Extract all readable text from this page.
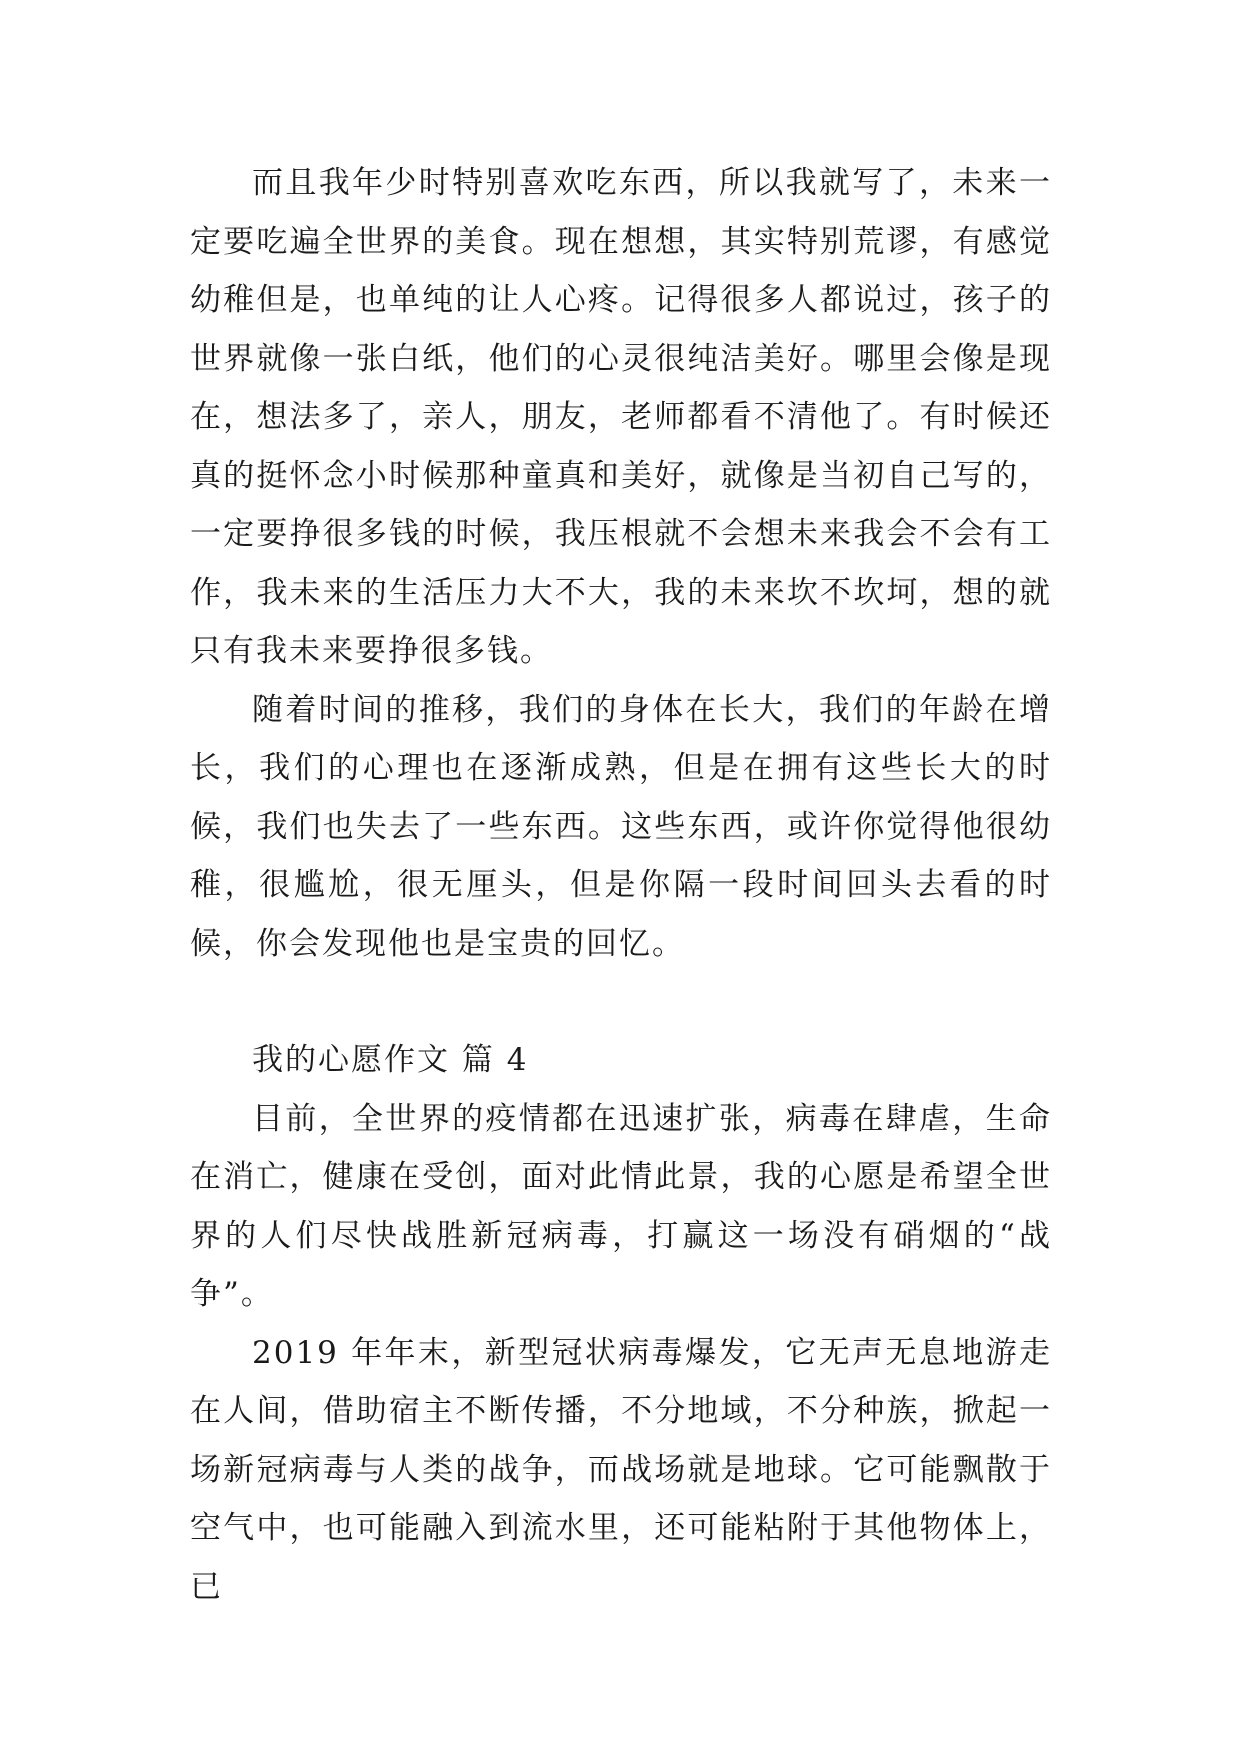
而且我年少时特别喜欢吃东西，所以我就写了，未来一定要吃遍全世界的美食。现在想想，其实特别荒谬，有感觉幼稚但是，也单纯的让人心疼。记得很多人都说过，孩子的世界就像一张白纸，他们的心灵很纯洁美好。哪里会像是现在，想法多了，亲人，朋友，老师都看不清他了。有时候还真的挺怀念小时候那种童真和美好，就像是当初自己写的，一定要挣很多钱的时候，我压根就不会想未来我会不会有工作，我未来的生活压力大不大，我的未来坎不坎坷，想的就只有我未来要挣很多钱。

随着时间的推移，我们的身体在长大，我们的年龄在增长，我们的心理也在逐渐成熟，但是在拥有这些长大的时候，我们也失去了一些东西。这些东西，或许你觉得他很幼稚，很尴尬，很无厘头，但是你隔一段时间回头去看的时候，你会发现他也是宝贵的回忆。

我的心愿作文 篇 4

目前，全世界的疫情都在迅速扩张，病毒在肆虐，生命在消亡，健康在受创，面对此情此景，我的心愿是希望全世界的人们尽快战胜新冠病毒，打赢这一场没有硝烟的“战争”。

2019 年年末，新型冠状病毒爆发，它无声无息地游走在人间，借助宿主不断传播，不分地域，不分种族，掀起一场新冠病毒与人类的战争，而战场就是地球。它可能飘散于空气中，也可能融入到流水里，还可能粘附于其他物体上，已
